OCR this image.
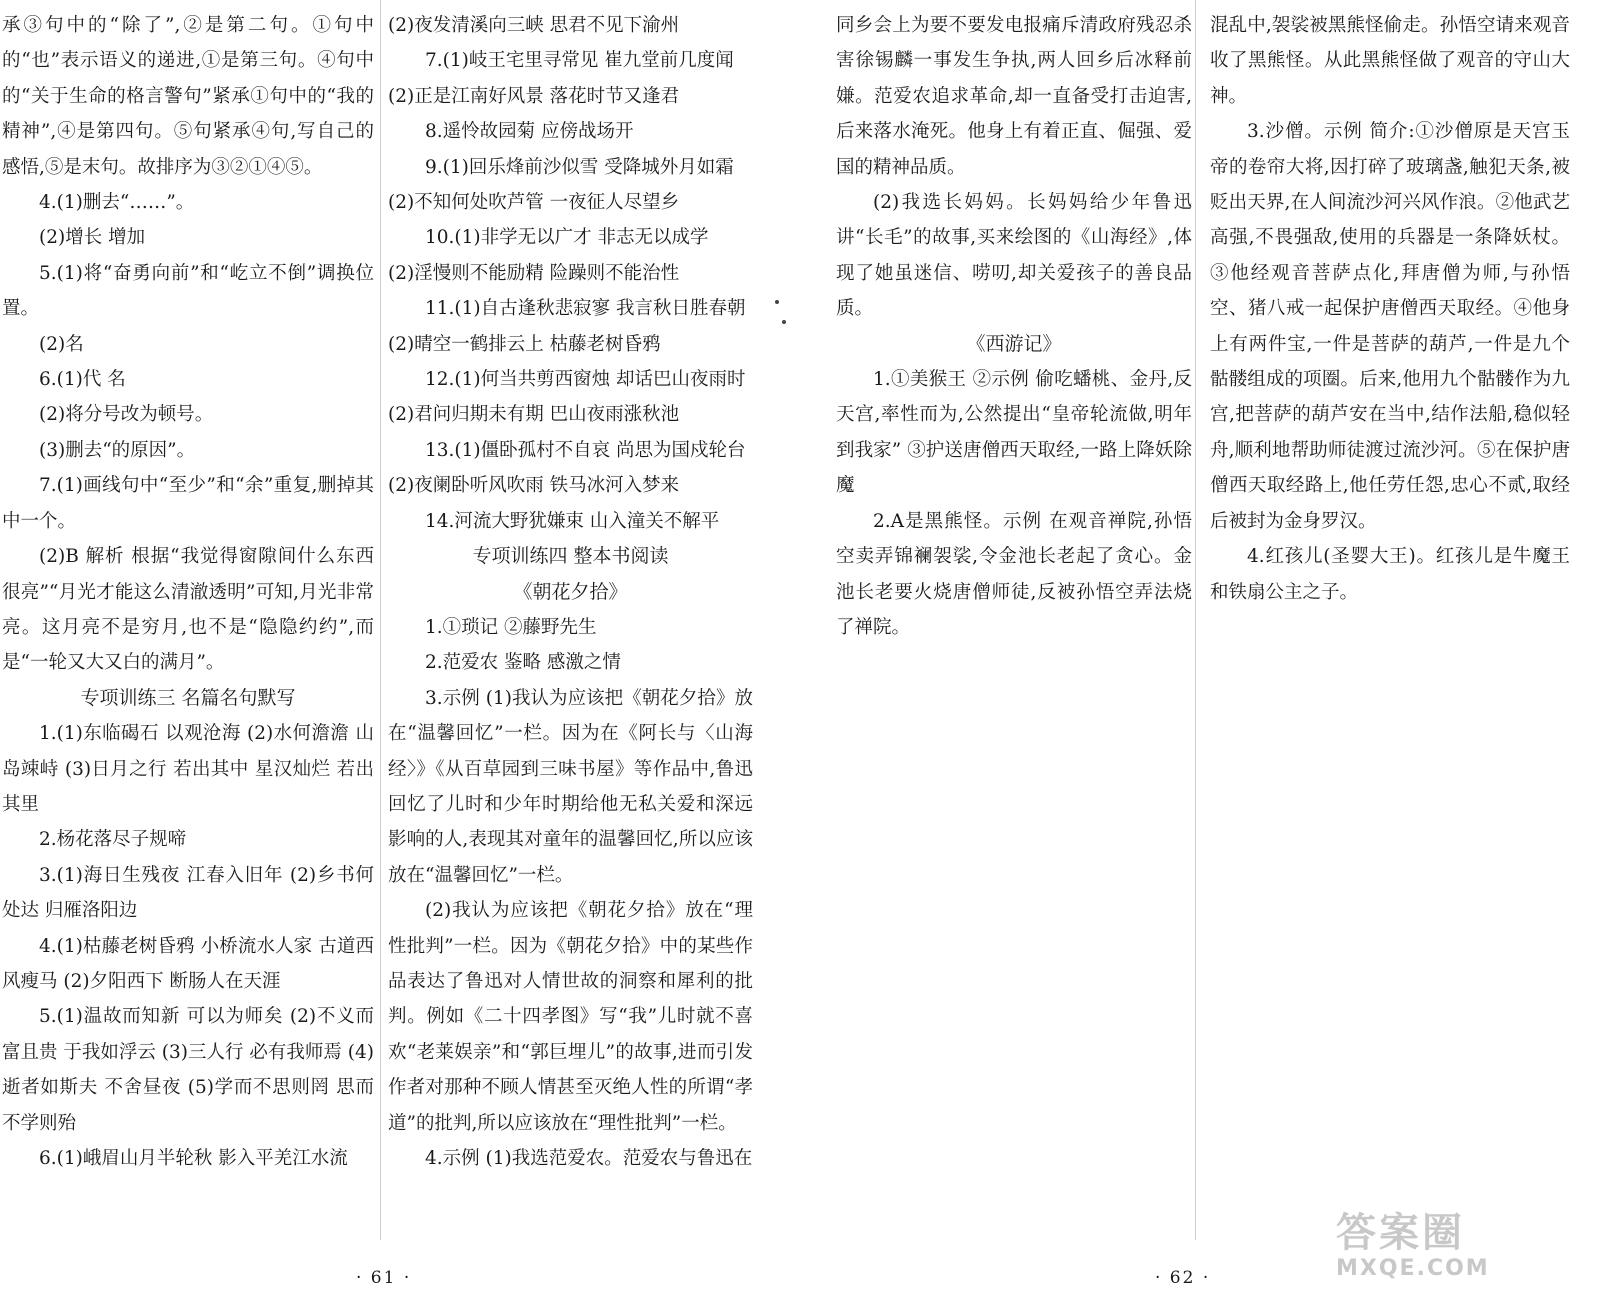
承③句中的“除了”,②是第二句。①句中的“也”表示语义的递进,①是第三句。④句中的“关于生命的格言警句”紧承①句中的“我的精神”,④是第四句。⑤句紧承④句,写自己的感悟,⑤是末句。故排序为③②①④⑤。

4.(1)删去“……”。

(2)增长 增加

5.(1)将“奋勇向前”和“屹立不倒”调换位置。

(2)名

6.(1)代 名

(2)将分号改为顿号。

(3)删去“的原因”。

7.(1)画线句中“至少”和“余”重复,删掉其中一个。

(2)B 解析 根据“我觉得窗隙间什么东西很亮”“月光才能这么清澈透明”可知,月光非常亮。这月亮不是穷月,也不是“隐隐约约”,而是“一轮又大又白的满月”。

专项训练三 名篇名句默写

1.(1)东临碣石 以观沧海 (2)水何澹澹 山岛竦峙 (3)日月之行 若出其中 星汉灿烂 若出其里

2.杨花落尽子规啼

3.(1)海日生残夜 江春入旧年 (2)乡书何处达 归雁洛阳边

4.(1)枯藤老树昏鸦 小桥流水人家 古道西风瘦马 (2)夕阳西下 断肠人在天涯

5.(1)温故而知新 可以为师矣 (2)不义而富且贵 于我如浮云 (3)三人行 必有我师焉 (4)逝者如斯夫 不舍昼夜 (5)学而不思则罔 思而不学则殆

6.(1)峨眉山月半轮秋 影入平羌江水流

(2)夜发清溪向三峡 思君不见下渝州

7.(1)岐王宅里寻常见 崔九堂前几度闻

(2)正是江南好风景 落花时节又逢君

8.遥怜故园菊 应傍战场开

9.(1)回乐烽前沙似雪 受降城外月如霜

(2)不知何处吹芦管 一夜征人尽望乡

10.(1)非学无以广才 非志无以成学

(2)淫慢则不能励精 险躁则不能治性

11.(1)自古逢秋悲寂寥 我言秋日胜春朝

(2)晴空一鹤排云上 枯藤老树昏鸦

12.(1)何当共剪西窗烛 却话巴山夜雨时

(2)君问归期未有期 巴山夜雨涨秋池

13.(1)僵卧孤村不自哀 尚思为国戍轮台

(2)夜阑卧听风吹雨 铁马冰河入梦来

14.河流大野犹嫌束 山入潼关不解平

专项训练四 整本书阅读

《朝花夕拾》

1.①琐记 ②藤野先生

2.范爱农 鉴略 感激之情

3.示例 (1)我认为应该把《朝花夕拾》放在“温馨回忆”一栏。因为在《阿长与〈山海经〉》《从百草园到三味书屋》等作品中,鲁迅回忆了儿时和少年时期给他无私关爱和深远影响的人,表现其对童年的温馨回忆,所以应该放在“温馨回忆”一栏。

(2)我认为应该把《朝花夕拾》放在“理性批判”一栏。因为《朝花夕拾》中的某些作品表达了鲁迅对人情世故的洞察和犀利的批判。例如《二十四孝图》写“我”儿时就不喜欢“老莱娱亲”和“郭巨埋儿”的故事,进而引发作者对那种不顾人情甚至灭绝人性的所谓“孝道”的批判,所以应该放在“理性批判”一栏。

4.示例 (1)我选范爱农。范爱农与鲁迅在

· 61 ·

同乡会上为要不要发电报痛斥清政府残忍杀害徐锡麟一事发生争执,两人回乡后冰释前嫌。范爱农追求革命,却一直备受打击迫害,后来落水淹死。他身上有着正直、倔强、爱国的精神品质。

(2)我选长妈妈。长妈妈给少年鲁迅讲“长毛”的故事,买来绘图的《山海经》,体现了她虽迷信、唠叨,却关爱孩子的善良品质。

《西游记》

1.①美猴王 ②示例 偷吃蟠桃、金丹,反天宫,率性而为,公然提出“皇帝轮流做,明年到我家” ③护送唐僧西天取经,一路上降妖除魔

2.A是黑熊怪。示例 在观音禅院,孙悟空卖弄锦襕袈裟,令金池长老起了贪心。金池长老要火烧唐僧师徒,反被孙悟空弄法烧了禅院。

混乱中,袈裟被黑熊怪偷走。孙悟空请来观音收了黑熊怪。从此黑熊怪做了观音的守山大神。

3.沙僧。示例 简介:①沙僧原是天宫玉帝的卷帘大将,因打碎了玻璃盏,触犯天条,被贬出天界,在人间流沙河兴风作浪。②他武艺高强,不畏强敌,使用的兵器是一条降妖杖。③他经观音菩萨点化,拜唐僧为师,与孙悟空、猪八戒一起保护唐僧西天取经。④他身上有两件宝,一件是菩萨的葫芦,一件是九个骷髅组成的项圈。后来,他用九个骷髅作为九宫,把菩萨的葫芦安在当中,结作法船,稳似轻舟,顺利地帮助师徒渡过流沙河。⑤在保护唐僧西天取经路上,他任劳任怨,忠心不贰,取经后被封为金身罗汉。

4.红孩儿(圣婴大王)。红孩儿是牛魔王和铁扇公主之子。

· 62 ·
答案圈
MXQE.COM
